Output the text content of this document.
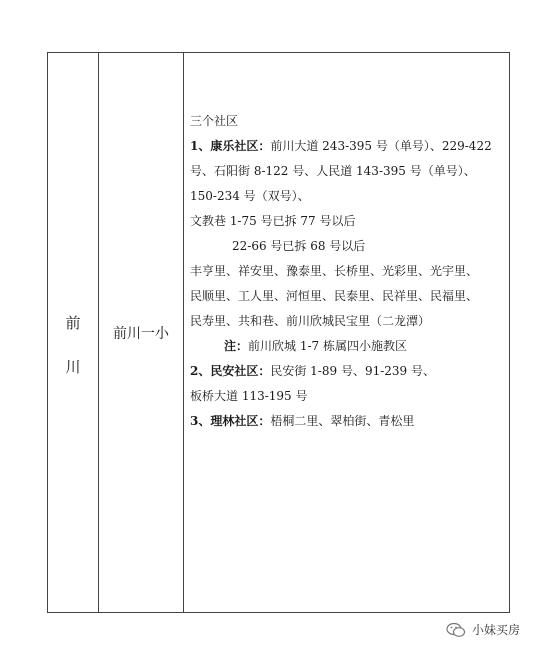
前
川
前川一小
三个社区
1、康乐社区：前川大道 243-395 号（单号）、229-422
号、石阳街 8-122 号、人民道 143-395 号（单号）、
150-234 号（双号）、
文教巷 1-75 号已拆 77 号以后
22-66 号已拆 68 号以后
丰亨里、祥安里、豫泰里、长桥里、光彩里、光宇里、
民顺里、工人里、河恒里、民泰里、民祥里、民福里、
民寿里、共和巷、前川欣城民宝里（二龙潭）
注：前川欣城 1-7 栋属四小施教区
2、民安社区：民安街 1-89 号、91-239 号、
板桥大道 113-195 号
3、理林社区：梧桐二里、翠柏街、青松里
小妹买房
